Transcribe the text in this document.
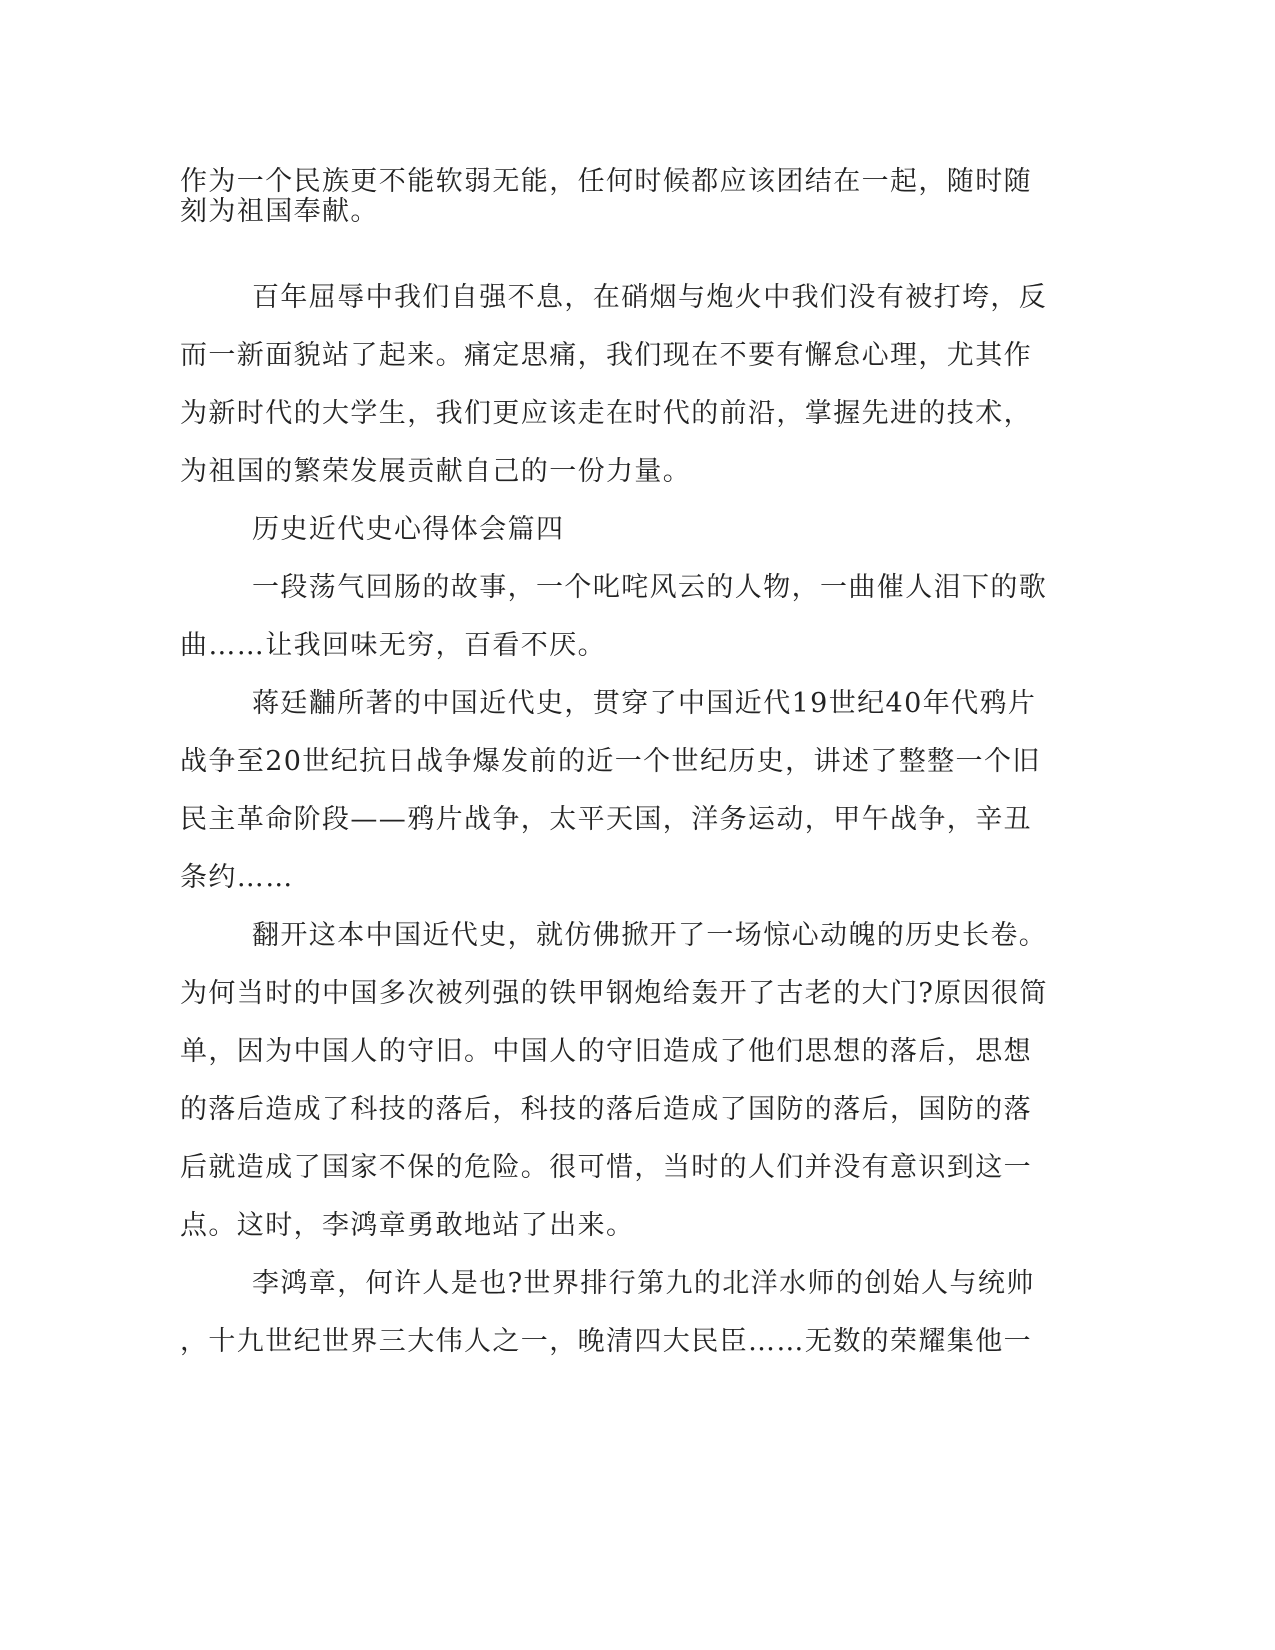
作为一个民族更不能软弱无能，任何时候都应该团结在一起，随时随
刻为祖国奉献。
百年屈辱中我们自强不息，在硝烟与炮火中我们没有被打垮，反
而一新面貌站了起来。痛定思痛，我们现在不要有懈怠心理，尤其作
为新时代的大学生，我们更应该走在时代的前沿，掌握先进的技术，
为祖国的繁荣发展贡献自己的一份力量。
历史近代史心得体会篇四
一段荡气回肠的故事，一个叱咤风云的人物，一曲催人泪下的歌
曲……让我回味无穷，百看不厌。
蒋廷黼所著的中国近代史，贯穿了中国近代19世纪40年代鸦片
战争至20世纪抗日战争爆发前的近一个世纪历史，讲述了整整一个旧
民主革命阶段——鸦片战争，太平天国，洋务运动，甲午战争，辛丑
条约……
翻开这本中国近代史，就仿佛掀开了一场惊心动魄的历史长卷。
为何当时的中国多次被列强的铁甲钢炮给轰开了古老的大门?原因很简
单，因为中国人的守旧。中国人的守旧造成了他们思想的落后，思想
的落后造成了科技的落后，科技的落后造成了国防的落后，国防的落
后就造成了国家不保的危险。很可惜，当时的人们并没有意识到这一
点。这时，李鸿章勇敢地站了出来。
李鸿章，何许人是也?世界排行第九的北洋水师的创始人与统帅
，十九世纪世界三大伟人之一，晚清四大民臣……无数的荣耀集他一
